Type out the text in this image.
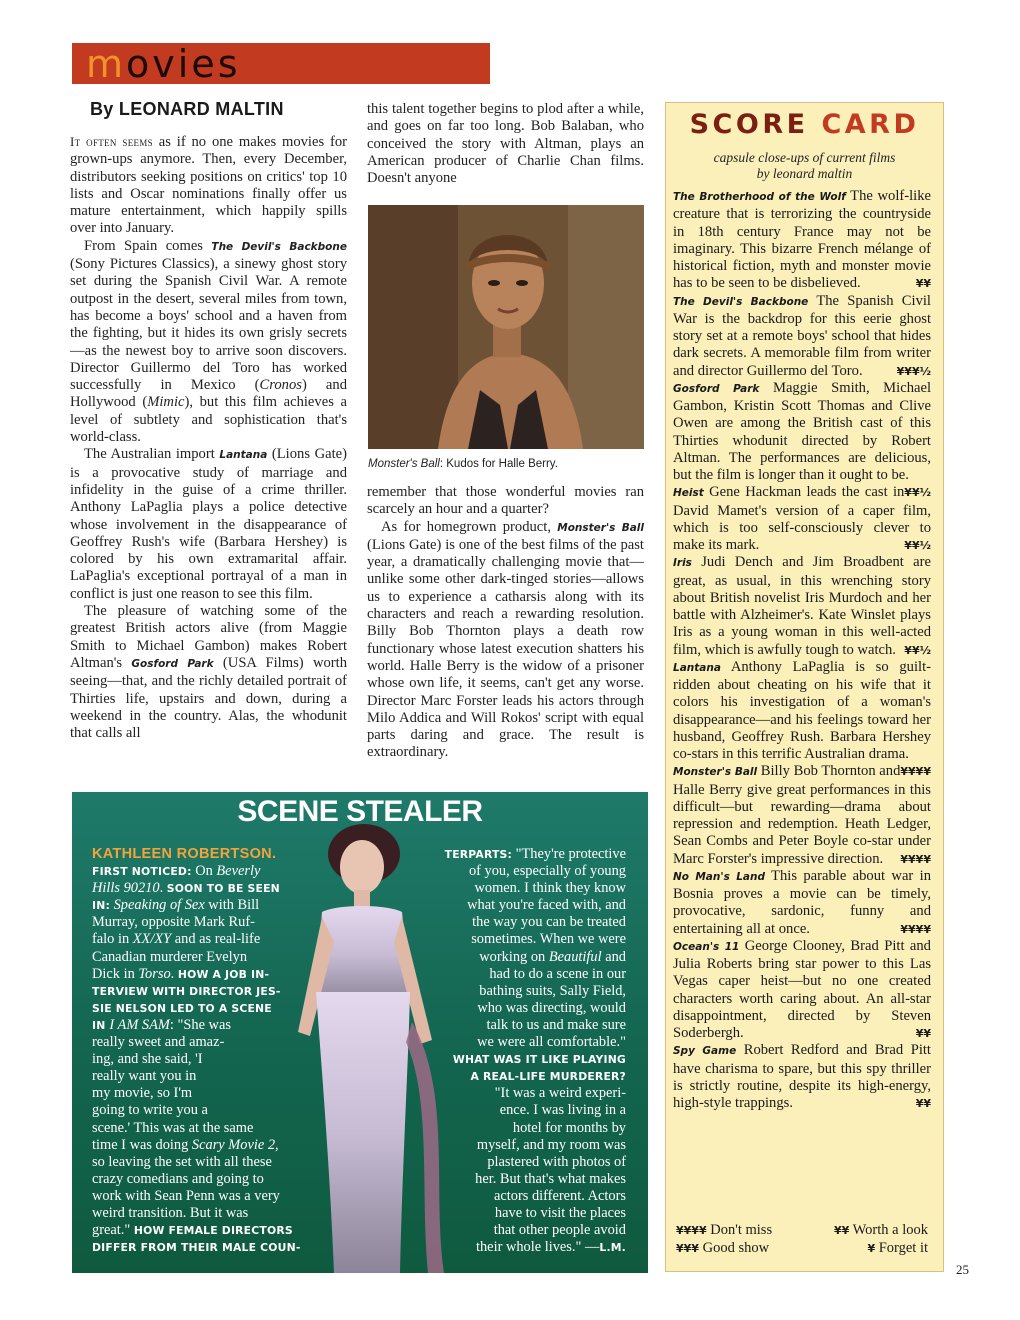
movies
By LEONARD MALTIN

It often seems as if no one makes movies for grown-ups anymore. Then, every December, distributors seeking positions on critics' top 10 lists and Oscar nominations finally offer us mature entertainment, which happily spills over into January.

From Spain comes The Devil's Backbone (Sony Pictures Classics), a sinewy ghost story set during the Spanish Civil War. A remote outpost in the desert, several miles from town, has become a boys' school and a haven from the fighting, but it hides its own grisly secrets—as the newest boy to arrive soon discovers. Director Guillermo del Toro has worked successfully in Mexico (Cronos) and Hollywood (Mimic), but this film achieves a level of subtlety and sophistication that's world-class.

The Australian import Lantana (Lions Gate) is a provocative study of marriage and infidelity in the guise of a crime thriller. Anthony LaPaglia plays a police detective whose involvement in the disappearance of Geoffrey Rush's wife (Barbara Hershey) is colored by his own extramarital affair. LaPaglia's exceptional portrayal of a man in conflict is just one reason to see this film.

The pleasure of watching some of the greatest British actors alive (from Maggie Smith to Michael Gambon) makes Robert Altman's Gosford Park (USA Films) worth seeing—that, and the richly detailed portrait of Thirties life, upstairs and down, during a weekend in the country. Alas, the whodunit that calls all

this talent together begins to plod after a while, and goes on far too long. Bob Balaban, who conceived the story with Altman, plays an American producer of Charlie Chan films. Doesn't anyone

Monster's Ball: Kudos for Halle Berry.

remember that those wonderful movies ran scarcely an hour and a quarter?

As for homegrown product, Monster's Ball (Lions Gate) is one of the best films of the past year, a dramatically challenging movie that—unlike some other dark-tinged stories—allows us to experience a catharsis along with its characters and reach a rewarding resolution. Billy Bob Thornton plays a death row functionary whose latest execution shatters his world. Halle Berry is the widow of a prisoner whose own life, it seems, can't get any worse. Director Marc Forster leads his actors through Milo Addica and Will Rokos' script with equal parts daring and grace. The result is extraordinary.

SCENE STEALER
KATHLEEN ROBERTSON.
FIRST NOTICED: On Beverly
Hills 90210. SOON TO BE SEEN
IN: Speaking of Sex with Bill
Murray, opposite Mark Ruf-
falo in XX/XY and as real-life
Canadian murderer Evelyn
Dick in Torso. HOW A JOB IN-
TERVIEW WITH DIRECTOR JES-
SIE NELSON LED TO A SCENE
IN I AM SAM: "She was
really sweet and amaz-
ing, and she said, 'I
really want you in
my movie, so I'm
going to write you a
scene.' This was at the same
time I was doing Scary Movie 2,
so leaving the set with all these
crazy comedians and going to
work with Sean Penn was a very
weird transition. But it was
great." HOW FEMALE DIRECTORS
DIFFER FROM THEIR MALE COUN-
TERPARTS: "They're protective
of you, especially of young
women. I think they know
what you're faced with, and
the way you can be treated
sometimes. When we were
working on Beautiful and
had to do a scene in our
bathing suits, Sally Field,
who was directing, would
talk to us and make sure
we were all comfortable."
WHAT WAS IT LIKE PLAYING
A REAL-LIFE MURDERER?
"It was a weird experi-
ence. I was living in a
hotel for months by
myself, and my room was
plastered with photos of
her. But that's what makes
actors different. Actors
have to visit the places
that other people avoid
their whole lives." —L.M.
SCORE CARD
capsule close-ups of current films
by leonard maltin

The Brotherhood of the Wolf The wolf-like creature that is terrorizing the countryside in 18th century France may not be imaginary. This bizarre French mélange of historical fiction, myth and monster movie has to be seen to be disbelieved.	¥¥

The Devil's Backbone The Spanish Civil War is the backdrop for this eerie ghost story set at a remote boys' school that hides dark secrets. A memorable film from writer and director Guillermo del Toro.	¥¥¥½

Gosford Park Maggie Smith, Michael Gambon, Kristin Scott Thomas and Clive Owen are among the British cast of this Thirties whodunit directed by Robert Altman. The performances are delicious, but the film is longer than it ought to be.
¥¥½

Heist Gene Hackman leads the cast in David Mamet's version of a caper film, which is too self-consciously clever to make its mark.	¥¥½

Iris Judi Dench and Jim Broadbent are great, as usual, in this wrenching story about British novelist Iris Murdoch and her battle with Alzheimer's. Kate Winslet plays Iris as a young woman in this well-acted film, which is awfully tough to watch. ¥¥½

Lantana Anthony LaPaglia is so guilt-ridden about cheating on his wife that it colors his investigation of a woman's disappearance—and his feelings toward her husband, Geoffrey Rush. Barbara Hershey co-stars in this terrific Australian drama.
¥¥¥¥

Monster's Ball Billy Bob Thornton and Halle Berry give great performances in this difficult—but rewarding—drama about repression and redemption. Heath Ledger, Sean Combs and Peter Boyle co-star under Marc Forster's impressive direction. ¥¥¥¥

No Man's Land This parable about war in Bosnia proves a movie can be timely, provocative, sardonic, funny and entertaining all at once.	¥¥¥¥

Ocean's 11 George Clooney, Brad Pitt and Julia Roberts bring star power to this Las Vegas caper heist—but no one created characters worth caring about. An all-star disappointment, directed by Steven Soderbergh.	¥¥

Spy Game Robert Redford and Brad Pitt have charisma to spare, but this spy thriller is strictly routine, despite its high-energy, high-style trappings.	¥¥

¥¥¥¥ Don't miss	¥¥ Worth a look
¥¥¥ Good show	¥ Forget it
25
